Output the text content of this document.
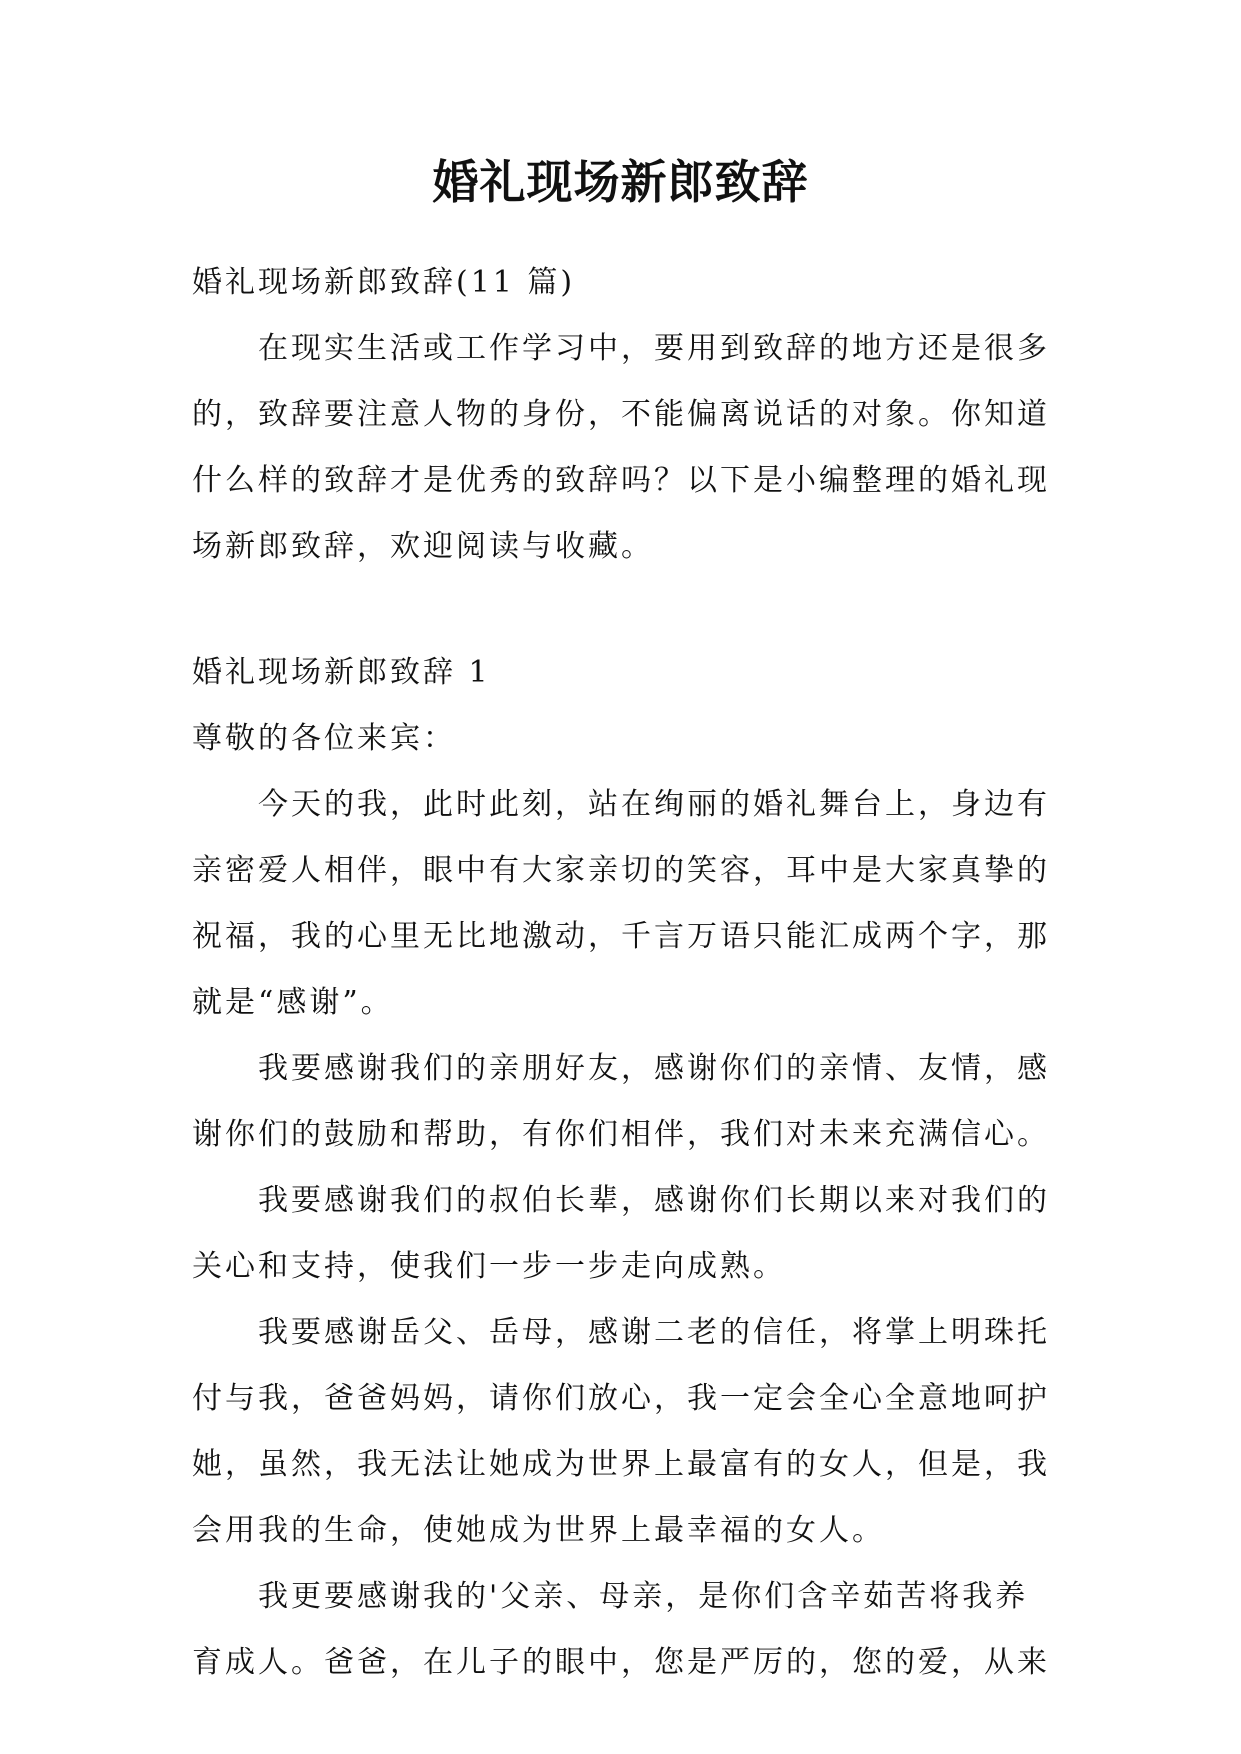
婚礼现场新郎致辞

婚礼现场新郎致辞(11 篇)

在现实生活或工作学习中，要用到致辞的地方还是很多的，致辞要注意人物的身份，不能偏离说话的对象。你知道什么样的致辞才是优秀的致辞吗？以下是小编整理的婚礼现场新郎致辞，欢迎阅读与收藏。

婚礼现场新郎致辞 1

尊敬的各位来宾：

今天的我，此时此刻，站在绚丽的婚礼舞台上，身边有亲密爱人相伴，眼中有大家亲切的笑容，耳中是大家真挚的祝福，我的心里无比地激动，千言万语只能汇成两个字，那就是“感谢”。

我要感谢我们的亲朋好友，感谢你们的亲情、友情，感谢你们的鼓励和帮助，有你们相伴，我们对未来充满信心。

我要感谢我们的叔伯长辈，感谢你们长期以来对我们的关心和支持，使我们一步一步走向成熟。

我要感谢岳父、岳母，感谢二老的信任，将掌上明珠托付与我，爸爸妈妈，请你们放心，我一定会全心全意地呵护她，虽然，我无法让她成为世界上最富有的女人，但是，我会用我的生命，使她成为世界上最幸福的女人。

我更要感谢我的'父亲、母亲，是你们含辛茹苦将我养育成人。爸爸，在儿子的眼中，您是严厉的，您的爱，从来
